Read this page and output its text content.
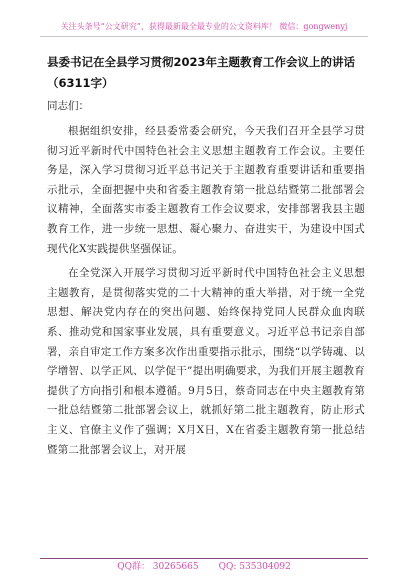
关注头条号“公文研究”，获得最新最全最专业的公文资料库！ 微信：gongwenyj
县委书记在全县学习贯彻2023年主题教育工作会议上的讲话（6311字）

同志们：

根据组织安排，经县委常委会研究，今天我们召开全县学习贯彻习近平新时代中国特色社会主义思想主题教育工作会议。主要任务是，深入学习贯彻习近平总书记关于主题教育重要讲话和重要指示批示，全面把握中央和省委主题教育第一批总结暨第二批部署会议精神，全面落实市委主题教育工作会议要求，安排部署我县主题教育工作，进一步统一思想、凝心聚力、奋进实干，为建设中国式现代化X实践提供坚强保证。

在全党深入开展学习贯彻习近平新时代中国特色社会主义思想主题教育，是贯彻落实党的二十大精神的重大举措，对于统一全党思想、解决党内存在的突出问题、始终保持党同人民群众血肉联系、推动党和国家事业发展，具有重要意义。习近平总书记亲自部署，亲自审定工作方案多次作出重要指示批示，围绕“以学铸魂、以学增智、以学正风、以学促干”提出明确要求，为我们开展主题教育提供了方向指引和根本遵循。9月5日，蔡奇同志在中央主题教育第一批总结暨第二批部署会议上，就抓好第二批主题教育，防止形式主义、官僚主义作了强调；X月X日，X在省委主题教育第一批总结暨第二批部署会议上，对开展

QQ群： 30265665 QQ: 535304092
